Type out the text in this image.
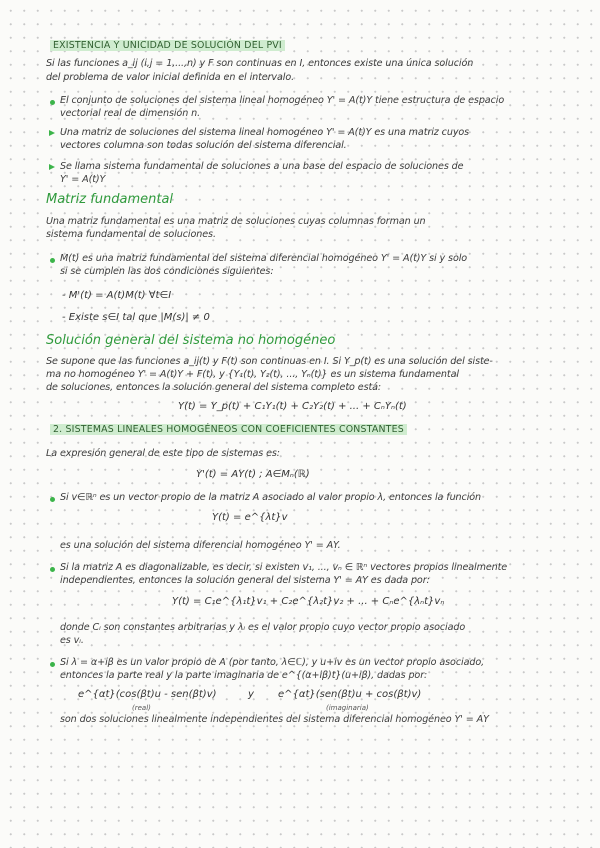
EXISTENCIA Y UNICIDAD DE SOLUCIÓN DEL PVI
Si las funciones a_ij (i,j = 1,...,n) y F son continuas en I, entonces existe una única solución
del problema de valor inicial definida en el intervalo.
El conjunto de soluciones del sistema lineal homogéneo Y' = A(t)Y tiene estructura de espacio
vectorial real de dimensión n.
Una matriz de soluciones del sistema lineal homogéneo Y' = A(t)Y es una matriz cuyos
vectores columna son todas solución del sistema diferencial.
Se llama sistema fundamental de soluciones a una base del espacio de soluciones de
Y' = A(t)Y
Matriz fundamental
Una matriz fundamental es una matriz de soluciones cuyas columnas forman un
sistema fundamental de soluciones.
M(t) es una matriz fundamental del sistema diferencial homogéneo Y' = A(t)Y si y solo
si se cumplen las dos condiciones siguientes:
- M'(t) = A(t)M(t) ∀t∈I
- Existe s∈I tal que |M(s)| ≠ 0
Solución general del sistema no homogéneo
Se supone que las funciones a_ij(t) y F(t) son continuas en I. Si Y_p(t) es una solución del siste-
ma no homogéneo Y' = A(t)Y + F(t), y {Y₁(t), Y₂(t), ..., Yₙ(t)} es un sistema fundamental
de soluciones, entonces la solución general del sistema completo está:
Y(t) = Y_p(t) + C₁Y₁(t) + C₂Y₂(t) + ... + CₙYₙ(t)
2. SISTEMAS LINEALES HOMOGÉNEOS CON COEFICIENTES CONSTANTES
La expresión general de este tipo de sistemas es:
Y'(t) = AY(t) ; A∈Mₙ(ℝ)
Si v∈ℝⁿ es un vector propio de la matriz A asociado al valor propio λ, entonces la función
Y(t) = e^{λt}v
es una solución del sistema diferencial homogéneo Y' = AY.
Si la matriz A es diagonalizable, es decir, si existen v₁, ..., vₙ ∈ ℝⁿ vectores propios linealmente
independientes, entonces la solución general del sistema Y' = AY es dada por:
Y(t) = C₁e^{λ₁t}v₁ + C₂e^{λ₂t}v₂ + ... + Cₙe^{λₙt}vₙ
donde Cᵢ son constantes arbitrarias y λᵢ es el valor propio cuyo vector propio asociado
es vᵢ.
Si λ = α+iβ es un valor propio de A (por tanto, λ∈ℂ), y u+iv es un vector propio asociado,
entonces la parte real y la parte imaginaria de e^{(α+iβ)t}(u+iβ), dadas por:
e^{αt}(cos(βt)u - sen(βt)v)	y e^{αt}(sen(βt)u + cos(βt)v)
(real)	(imaginaria)
son dos soluciones linealmente independientes del sistema diferencial homogéneo Y' = AY
